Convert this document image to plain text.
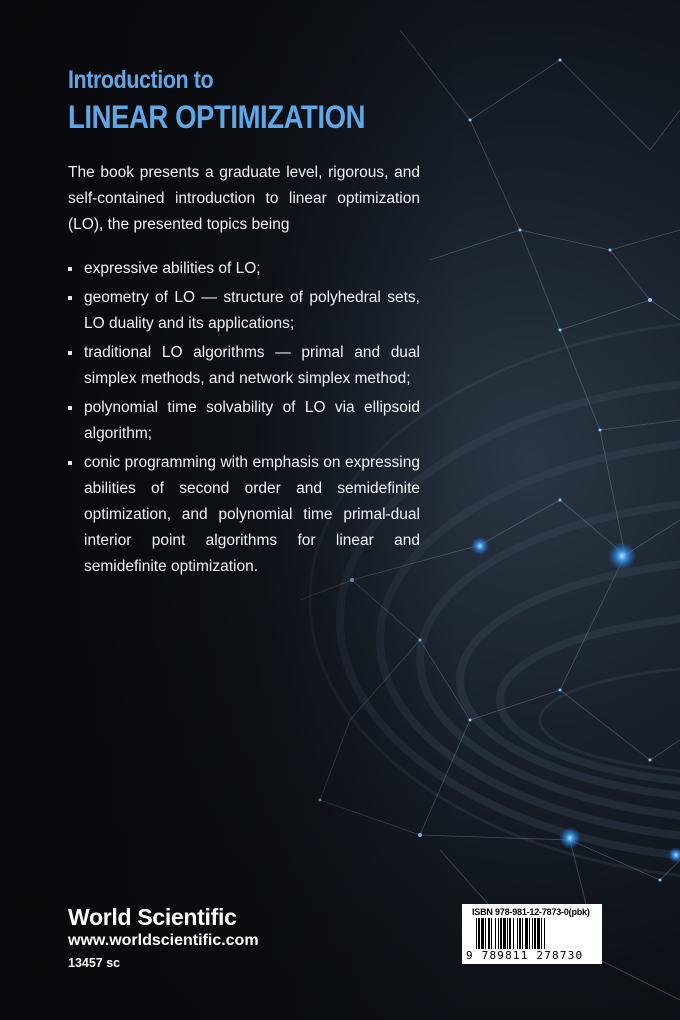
Introduction to
LINEAR OPTIMIZATION

The book presents a graduate level, rigorous, and self-contained introduction to linear optimization (LO), the presented topics being

expressive abilities of LO;
geometry of LO — structure of polyhedral sets, LO duality and its applications;
traditional LO algorithms — primal and dual simplex methods, and network simplex method;
polynomial time solvability of LO via ellipsoid algorithm;
conic programming with emphasis on expressing abilities of second order and semidefinite optimization, and polynomial time primal-dual interior point algorithms for linear and semidefinite optimization.
World Scientific
www.worldscientific.com
13457 sc
ISBN 978-981-12-7873-0(pbk)
9 789811 278730
